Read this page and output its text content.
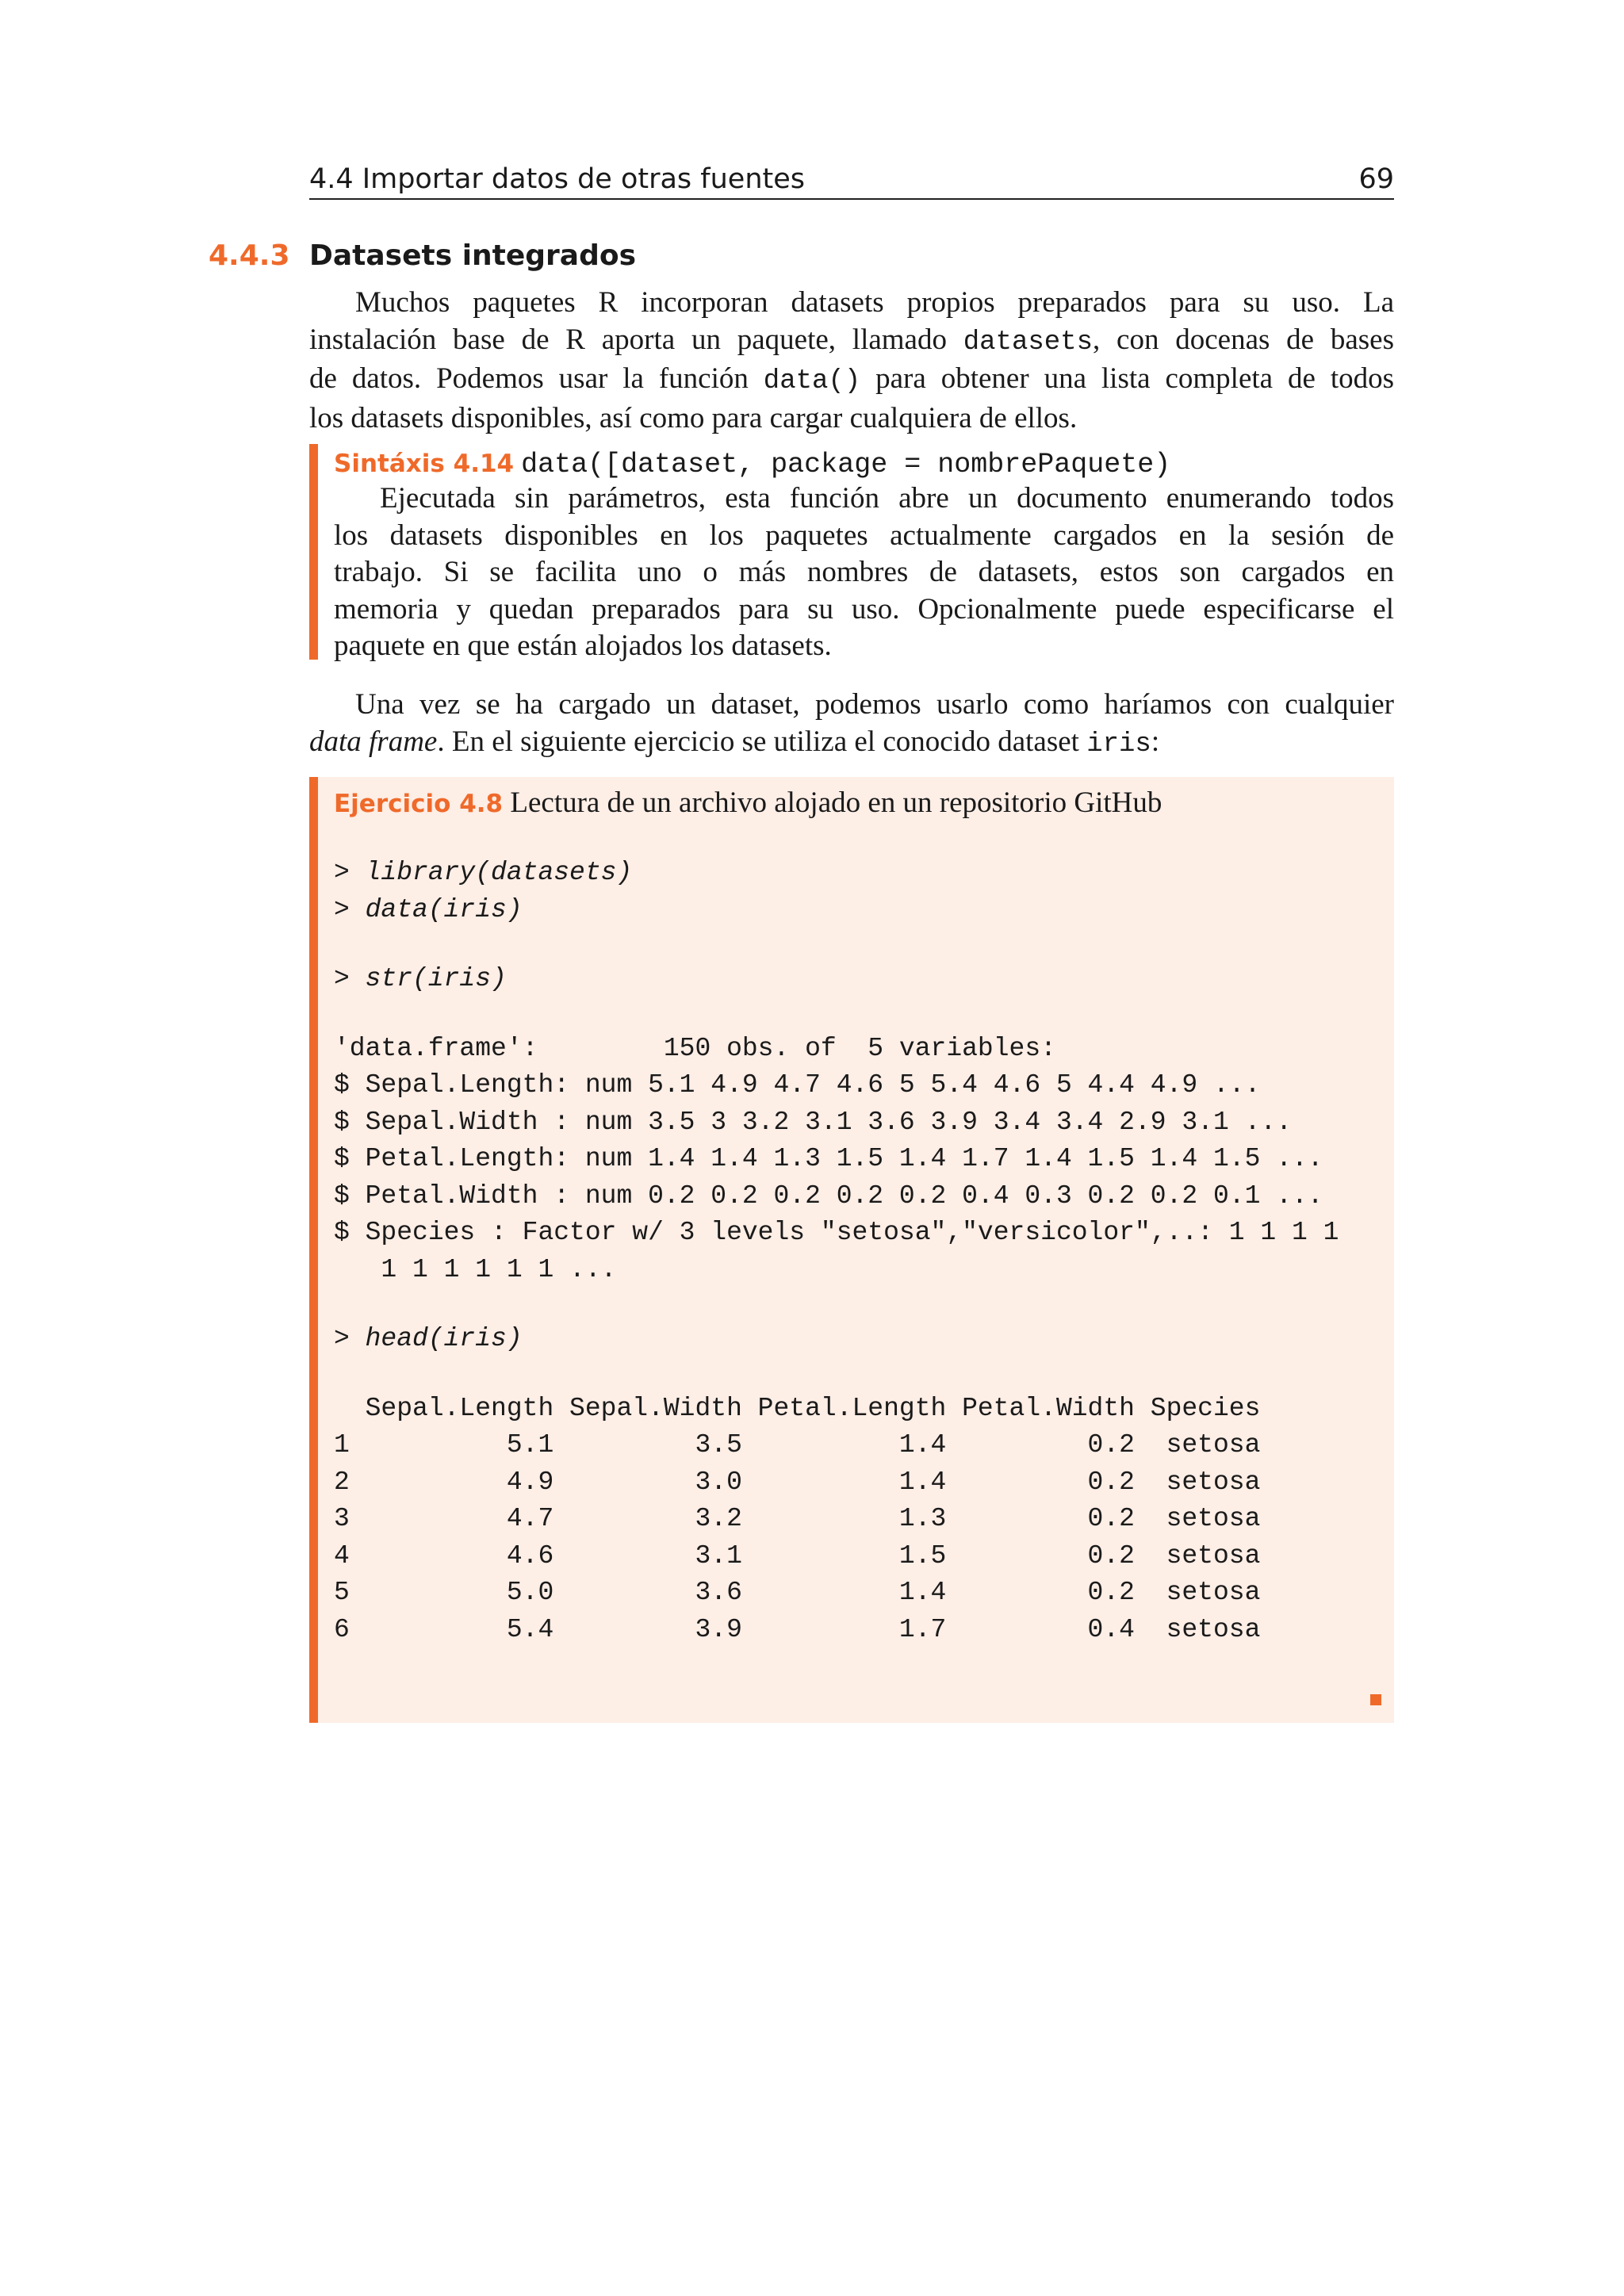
4.4 Importar datos de otras fuentes	69
4.4.3 Datasets integrados
Muchos paquetes R incorporan datasets propios preparados para su uso. La
instalación base de R aporta un paquete, llamado datasets, con docenas de bases
de datos. Podemos usar la función data() para obtener una lista completa de todos
los datasets disponibles, así como para cargar cualquiera de ellos.
Sintáxis 4.14 data([dataset, package = nombrePaquete)
Ejecutada sin parámetros, esta función abre un documento enumerando todos
los datasets disponibles en los paquetes actualmente cargados en la sesión de
trabajo. Si se facilita uno o más nombres de datasets, estos son cargados en
memoria y quedan preparados para su uso. Opcionalmente puede especificarse el
paquete en que están alojados los datasets.
Una vez se ha cargado un dataset, podemos usarlo como haríamos con cualquier
data frame. En el siguiente ejercicio se utiliza el conocido dataset iris:
Ejercicio 4.8 Lectura de un archivo alojado en un repositorio GitHub
> library(datasets)
> data(iris)
> str(iris)
'data.frame':        150 obs. of  5 variables:
$ Sepal.Length: num 5.1 4.9 4.7 4.6 5 5.4 4.6 5 4.4 4.9 ...
$ Sepal.Width : num 3.5 3 3.2 3.1 3.6 3.9 3.4 3.4 2.9 3.1 ...
$ Petal.Length: num 1.4 1.4 1.3 1.5 1.4 1.7 1.4 1.5 1.4 1.5 ...
$ Petal.Width : num 0.2 0.2 0.2 0.2 0.2 0.4 0.3 0.2 0.2 0.1 ...
$ Species : Factor w/ 3 levels "setosa","versicolor",..: 1 1 1 1
1 1 1 1 1 1 ...
> head(iris)
Sepal.Length Sepal.Width Petal.Length Petal.Width Species
1          5.1         3.5          1.4         0.2  setosa
2          4.9         3.0          1.4         0.2  setosa
3          4.7         3.2          1.3         0.2  setosa
4          4.6         3.1          1.5         0.2  setosa
5          5.0         3.6          1.4         0.2  setosa
6          5.4         3.9          1.7         0.4  setosa
